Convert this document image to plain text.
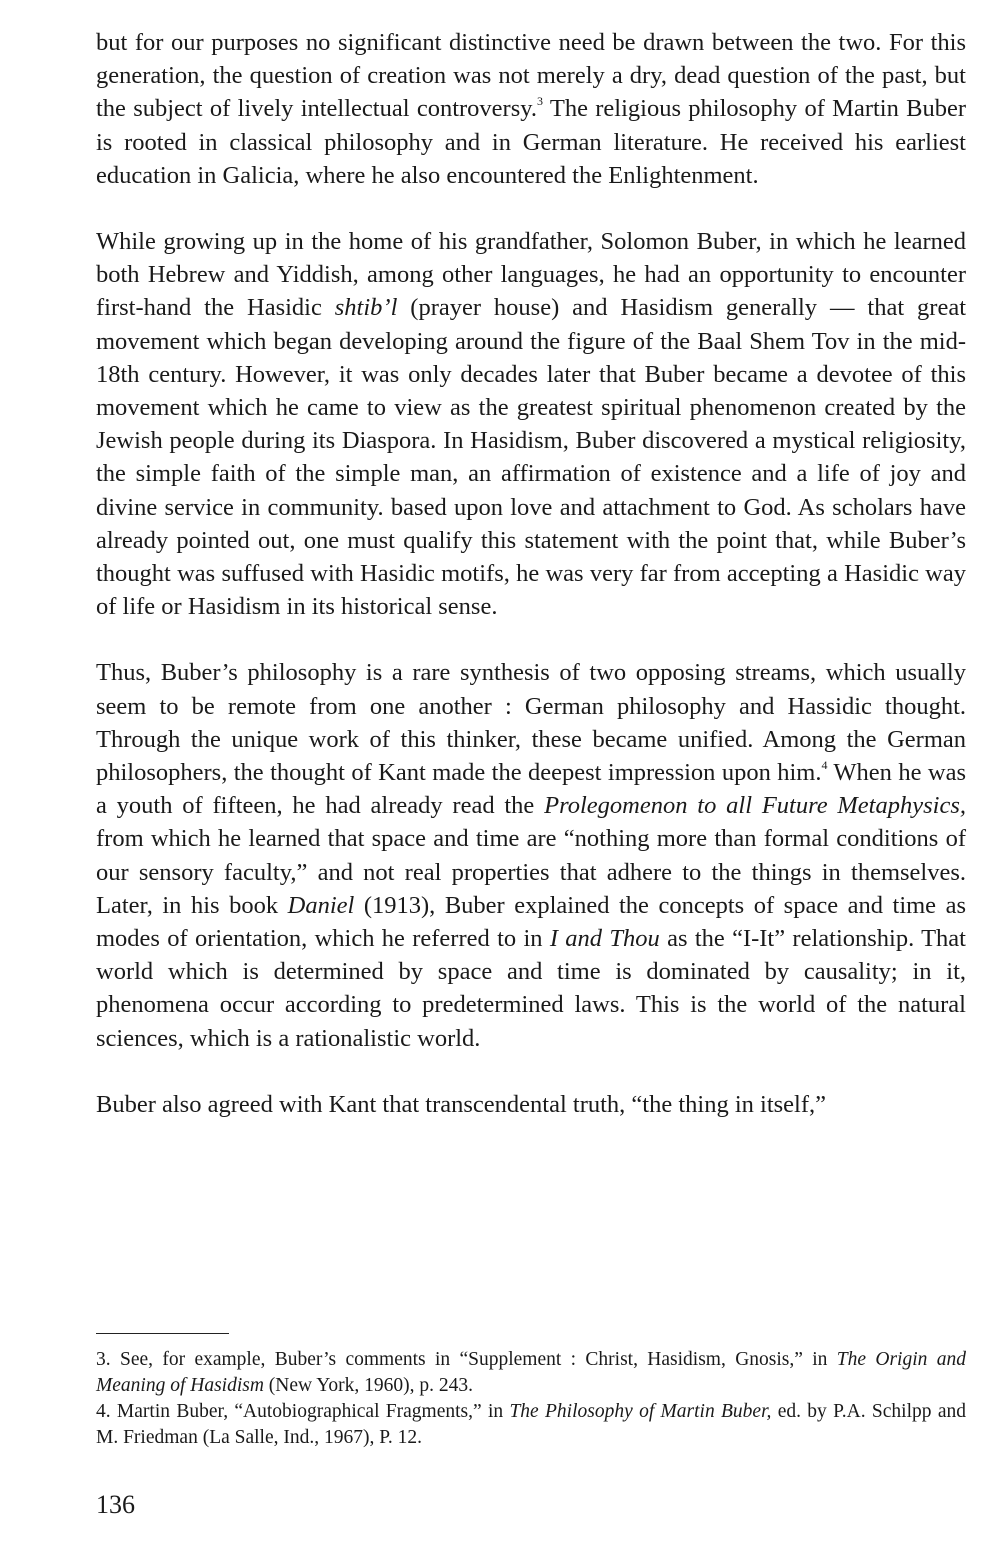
but for our purposes no significant distinctive need be drawn between the two. For this generation, the question of creation was not merely a dry, dead question of the past, but the subject of lively intellectual controversy.$^3$ The religious philosophy of Martin Buber is rooted in classical philosophy and in German literature. He received his earliest education in Galicia, where he also encountered the Enlightenment.

While growing up in the home of his grandfather, Solomon Buber, in which he learned both Hebrew and Yiddish, among other languages, he had an opportunity to encounter first-hand the Hasidic shtib’l (prayer house) and Hasidism generally — that great movement which began developing around the figure of the Baal Shem Tov in the mid-18th century. However, it was only decades later that Buber became a devotee of this movement which he came to view as the greatest spiritual phenomenon created by the Jewish people during its Diaspora. In Hasidism, Buber discovered a mystical religiosity, the simple faith of the simple man, an affirmation of existence and a life of joy and divine service in community. based upon love and attachment to God. As scholars have already pointed out, one must qualify this statement with the point that, while Buber’s thought was suffused with Hasidic motifs, he was very far from accepting a Hasidic way of life or Hasidism in its historical sense.

Thus, Buber’s philosophy is a rare synthesis of two opposing streams, which usually seem to be remote from one another : German philosophy and Hassidic thought. Through the unique work of this thinker, these became unified. Among the German philosophers, the thought of Kant made the deepest impression upon him.$^4$ When he was a youth of fifteen, he had already read the Prolegomenon to all Future Metaphysics, from which he learned that space and time are “nothing more than formal conditions of our sensory faculty,” and not real properties that adhere to the things in themselves. Later, in his book Daniel (1913), Buber explained the concepts of space and time as modes of orientation, which he referred to in I and Thou as the “I-It” relationship. That world which is determined by space and time is dominated by causality; in it, phenomena occur according to predetermined laws. This is the world of the natural sciences, which is a rationalistic world.

Buber also agreed with Kant that transcendental truth, “the thing in itself,”

3. See, for example, Buber’s comments in “Supplement : Christ, Hasidism, Gnosis,” in The Origin and Meaning of Hasidism (New York, 1960), p. 243.

4. Martin Buber, “Autobiographical Fragments,” in The Philosophy of Martin Buber, ed. by P.A. Schilpp and M. Friedman (La Salle, Ind., 1967), P. 12.

136
